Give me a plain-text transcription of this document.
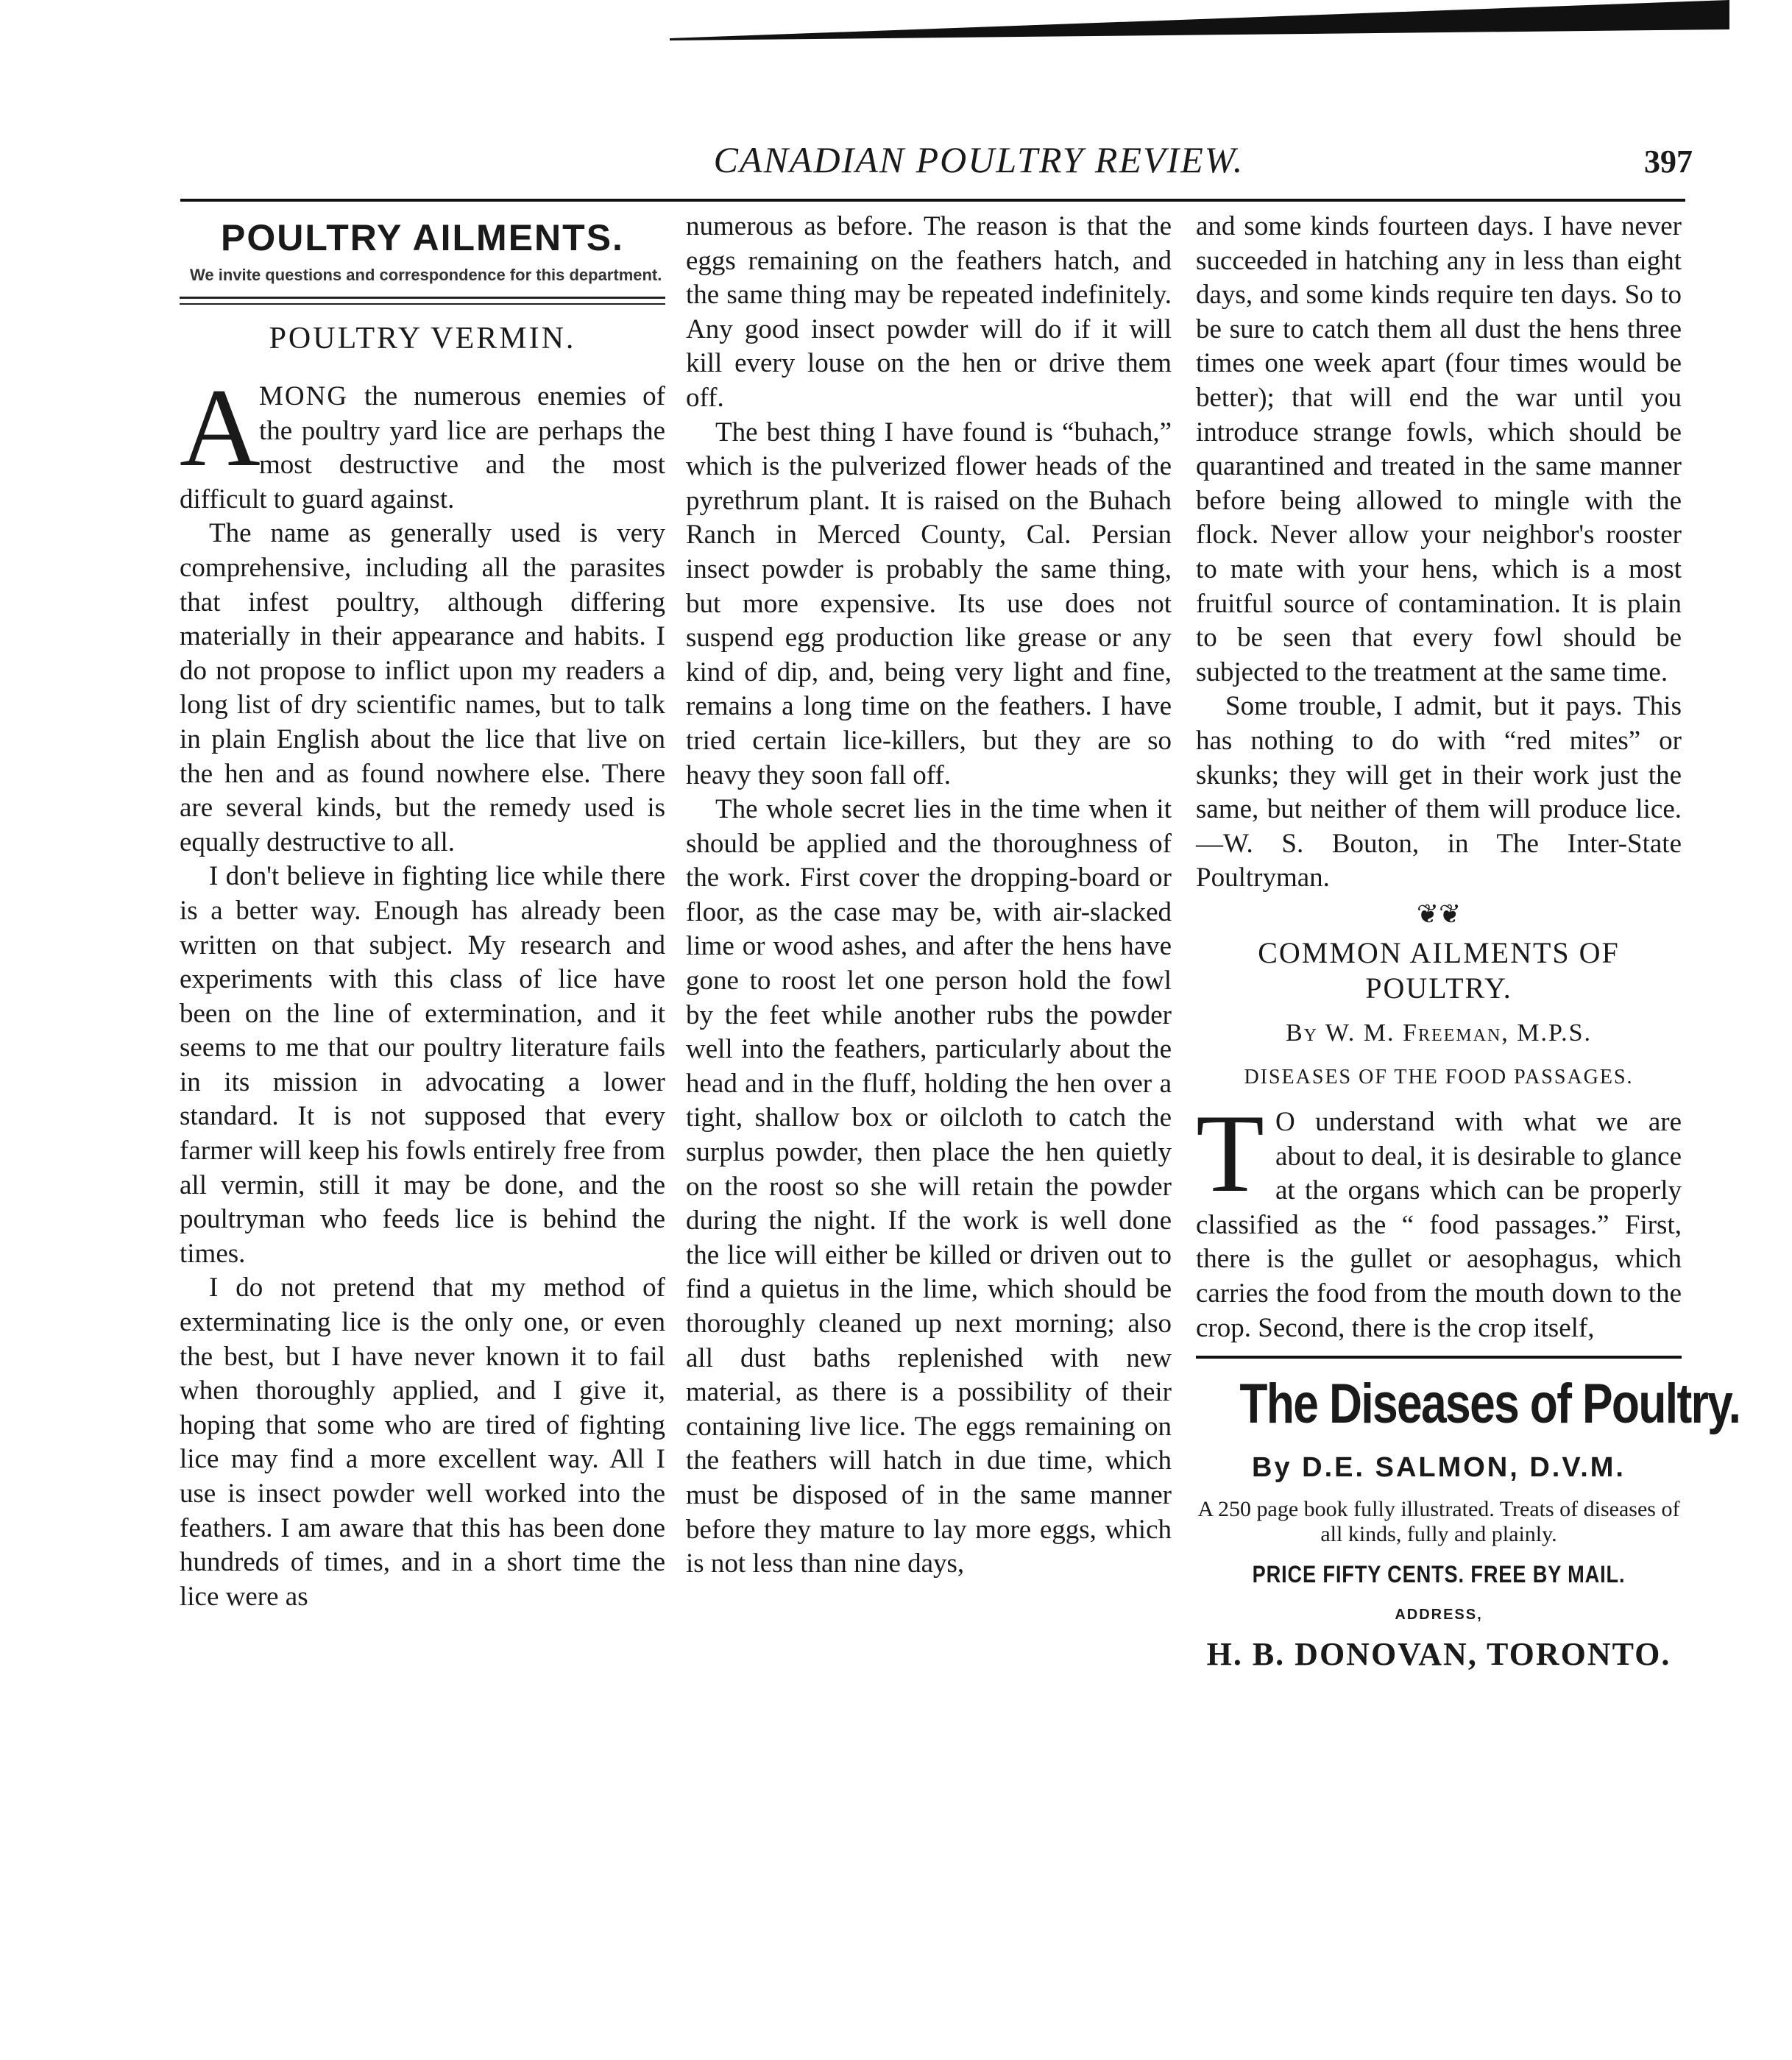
CANADIAN POULTRY REVIEW.	397
POULTRY AILMENTS.
We invite questions and correspondence for this department.
POULTRY VERMIN.

A
MONG the numerous enemies of the poultry yard lice are perhaps the most destructive and the most difficult to guard against.

The name as generally used is very comprehensive, including all the parasites that infest poultry, although differing materially in their appearance and habits. I do not propose to inflict upon my readers a long list of dry scientific names, but to talk in plain English about the lice that live on the hen and as found nowhere else. There are several kinds, but the remedy used is equally destructive to all.

I don't believe in fighting lice while there is a better way. Enough has already been written on that subject. My research and experiments with this class of lice have been on the line of extermination, and it seems to me that our poultry literature fails in its mission in advocating a lower standard. It is not supposed that every farmer will keep his fowls entirely free from all vermin, still it may be done, and the poultryman who feeds lice is behind the times.

I do not pretend that my method of exterminating lice is the only one, or even the best, but I have never known it to fail when thoroughly applied, and I give it, hoping that some who are tired of fighting lice may find a more excellent way. All I use is insect powder well worked into the feathers. I am aware that this has been done hundreds of times, and in a short time the lice were as

numerous as before. The reason is that the eggs remaining on the feathers hatch, and the same thing may be repeated indefinitely. Any good insect powder will do if it will kill every louse on the hen or drive them off.

The best thing I have found is “buhach,” which is the pulverized flower heads of the pyrethrum plant. It is raised on the Buhach Ranch in Merced County, Cal. Persian insect powder is probably the same thing, but more expensive. Its use does not suspend egg production like grease or any kind of dip, and, being very light and fine, remains a long time on the feathers. I have tried certain lice-killers, but they are so heavy they soon fall off.

The whole secret lies in the time when it should be applied and the thoroughness of the work. First cover the dropping-board or floor, as the case may be, with air-slacked lime or wood ashes, and after the hens have gone to roost let one person hold the fowl by the feet while another rubs the powder well into the feathers, particularly about the head and in the fluff, holding the hen over a tight, shallow box or oilcloth to catch the surplus powder, then place the hen quietly on the roost so she will retain the powder during the night. If the work is well done the lice will either be killed or driven out to find a quietus in the lime, which should be thoroughly cleaned up next morning; also all dust baths replenished with new material, as there is a possibility of their containing live lice. The eggs remaining on the feathers will hatch in due time, which must be disposed of in the same manner before they mature to lay more eggs, which is not less than nine days,

and some kinds fourteen days. I have never succeeded in hatching any in less than eight days, and some kinds require ten days. So to be sure to catch them all dust the hens three times one week apart (four times would be better); that will end the war until you introduce strange fowls, which should be quarantined and treated in the same manner before being allowed to mingle with the flock. Never allow your neighbor's rooster to mate with your hens, which is a most fruitful source of contamination. It is plain to be seen that every fowl should be subjected to the treatment at the same time.

Some trouble, I admit, but it pays. This has nothing to do with “red mites” or skunks; they will get in their work just the same, but neither of them will produce lice. —W. S. Bouton, in The Inter-State Poultryman.

❦❦
COMMON AILMENTS OF POULTRY.
By W. M. Freeman, M.P.S.
DISEASES OF THE FOOD PASSAGES.

T O understand with what we are about to deal, it is desirable to glance at the organs which can be properly classified as the “ food passages.” First, there is the gullet or aesophagus, which carries the food from the mouth down to the crop. Second, there is the crop itself,

The Diseases of Poultry.
By D.E. SALMON, D.V.M.
A 250 page book fully illustrated. Treats of diseases of all kinds, fully and plainly.
PRICE FIFTY CENTS. FREE BY MAIL.
ADDRESS,
H. B. DONOVAN, TORONTO.
